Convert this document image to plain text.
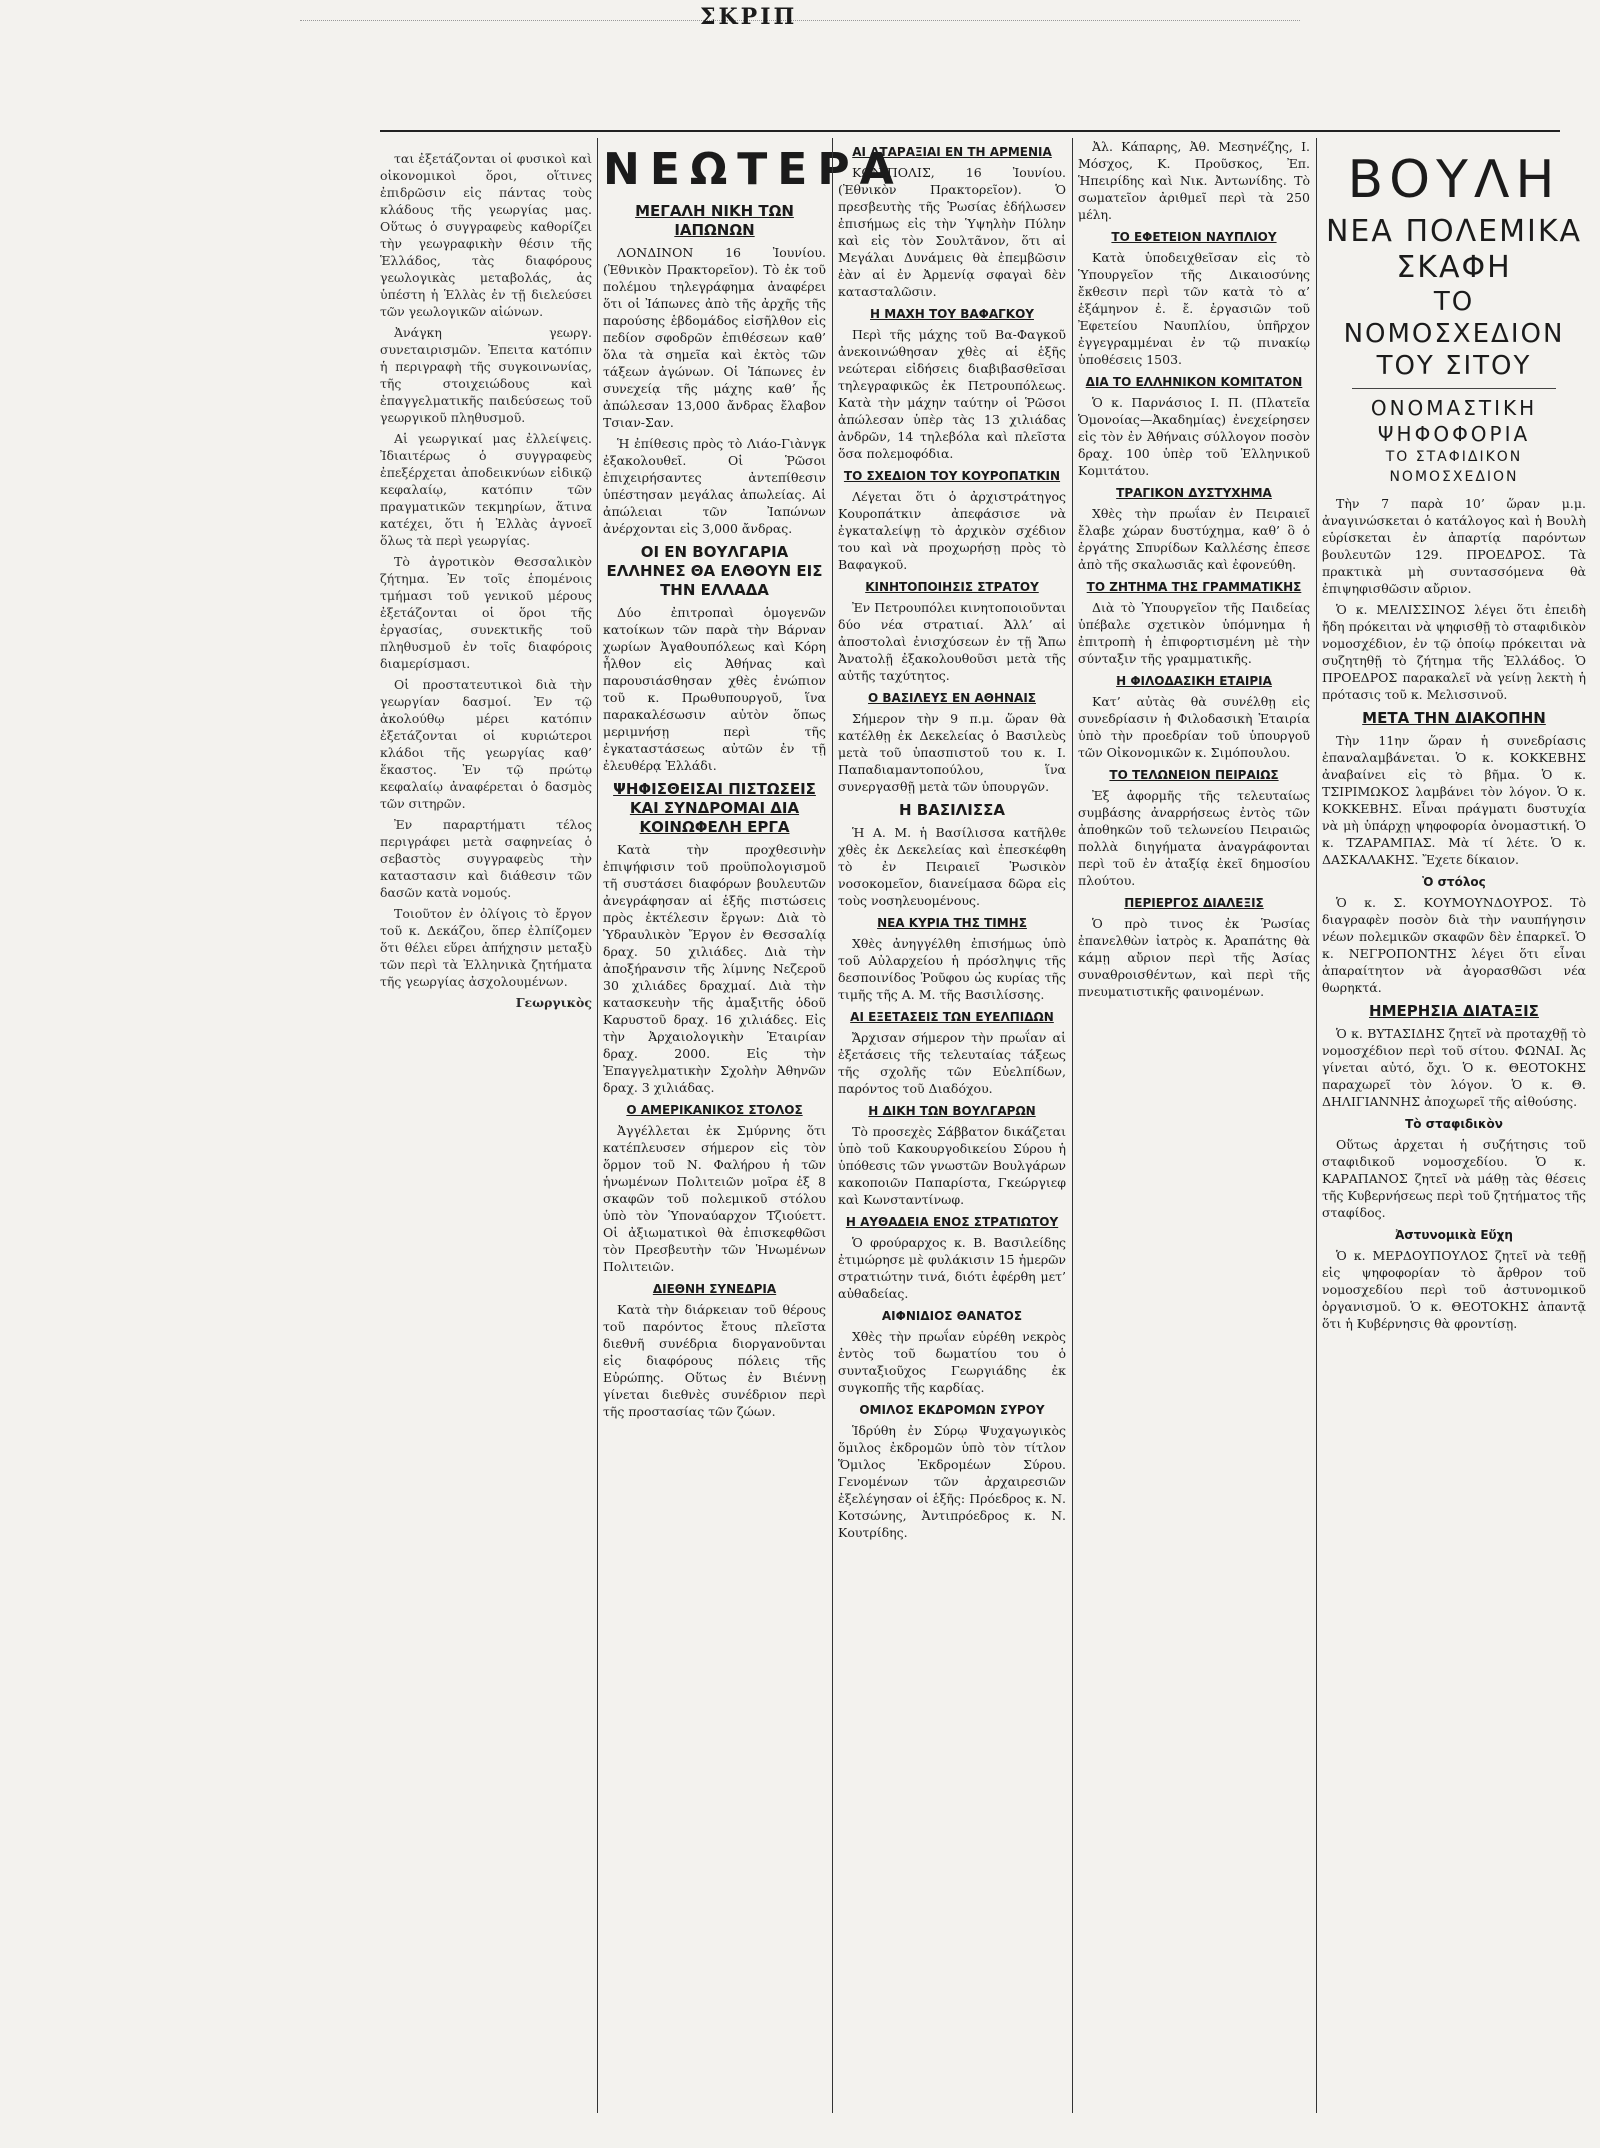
ΣΚΡΙΠ

ται ἐξετάζονται οἱ φυσικοὶ καὶ οἰκονομικοὶ ὅροι, οἵτινες ἐπιδρῶσιν εἰς πάντας τοὺς κλάδους τῆς γεωργίας μας. Οὕτως ὁ συγγραφεὺς καθορίζει τὴν γεωγραφικὴν θέσιν τῆς Ἑλλάδος, τὰς διαφόρους γεωλογικὰς μεταβολάς, ἀς ὑπέστη ἡ Ἑλλὰς ἐν τῇ διελεύσει τῶν γεωλογικῶν αἰώνων.

Ἀνάγκη γεωργ. συνεταιρισμῶν. Ἐπειτα κατόπιν ἡ περιγραφὴ τῆς συγκοινωνίας, τῆς στοιχειώδους καὶ ἐπαγγελματικῆς παιδεύσεως τοῦ γεωργικοῦ πληθυσμοῦ.

Αἱ γεωργικαί μας ἐλλείψεις. Ἰδιαιτέρως ὁ συγγραφεὺς ἐπεξέρχεται ἀποδεικνύων εἰδικῷ κεφαλαίῳ, κατόπιν τῶν πραγματικῶν τεκμηρίων, ἅτινα κατέχει, ὅτι ἡ Ἑλλὰς ἀγνοεῖ ὅλως τὰ περὶ γεωργίας.

Τὸ ἀγροτικὸν Θεσσαλικὸν ζήτημα. Ἐν τοῖς ἑπομένοις τμήμασι τοῦ γενικοῦ μέρους ἐξετάζονται οἱ ὅροι τῆς ἐργασίας, συνεκτικῆς τοῦ πληθυσμοῦ ἐν τοῖς διαφόροις διαμερίσμασι.

Οἱ προστατευτικοὶ διὰ τὴν γεωργίαν δασμοί. Ἐν τῷ ἀκολούθῳ μέρει κατόπιν ἐξετάζονται οἱ κυριώτεροι κλάδοι τῆς γεωργίας καθ’ ἕκαστος. Ἐν τῷ πρώτῳ κεφαλαίῳ ἀναφέρεται ὁ δασμὸς τῶν σιτηρῶν.

Ἐν παραρτήματι τέλος περιγράφει μετὰ σαφηνείας ὁ σεβαστὸς συγγραφεὺς τὴν καταστασιν καὶ διάθεσιν τῶν δασῶν κατὰ νομούς.

Τοιοῦτον ἐν ὀλίγοις τὸ ἔργον τοῦ κ. Δεκάζου, ὅπερ ἐλπίζομεν ὅτι θέλει εὕρει ἀπήχησιν μεταξὺ τῶν περὶ τὰ Ἑλληνικὰ ζητήματα τῆς γεωργίας ἀσχολουμένων.

Γεωργικὸς

ΝΕΩΤΕΡΑ
ΜΕΓΑΛΗ ΝΙΚΗ ΤΩΝ ΙΑΠΩΝΩΝ

ΛΟΝΔΙΝΟΝ 16 Ἰουνίου. (Ἐθνικὸν Πρακτορεῖον). Τὸ ἐκ τοῦ πολέμου τηλεγράφημα ἀναφέρει ὅτι οἱ Ἰάπωνες ἀπὸ τῆς ἀρχῆς τῆς παρούσης ἑβδομάδος εἰσῆλθον εἰς πεδίον σφοδρῶν ἐπιθέσεων καθ’ ὅλα τὰ σημεῖα καὶ ἐκτὸς τῶν τάξεων ἀγώνων. Οἱ Ἰάπωνες ἐν συνεχείᾳ τῆς μάχης καθ’ ἧς ἀπώλεσαν 13,000 ἄνδρας ἔλαβον Τσιαν-Σαν.

Ἡ ἐπίθεσις πρὸς τὸ Λιάο-Γιὰνγκ ἐξακολουθεῖ. Οἱ Ῥῶσοι ἐπιχειρήσαντες ἀντεπίθεσιν ὑπέστησαν μεγάλας ἀπωλείας. Αἱ ἀπώλειαι τῶν Ἰαπώνων ἀνέρχονται εἰς 3,000 ἄνδρας.

ΟΙ ΕΝ ΒΟΥΛΓΑΡΙΑ ΕΛΛΗΝΕΣ ΘΑ ΕΛΘΟΥΝ ΕΙΣ ΤΗΝ ΕΛΛΑΔΑ

Δύο ἐπιτροπαὶ ὁμογενῶν κατοίκων τῶν παρὰ τὴν Βάρναν χωρίων Ἀγαθουπόλεως καὶ Κόρη ἦλθον εἰς Ἀθήνας καὶ παρουσιάσθησαν χθὲς ἐνώπιον τοῦ κ. Πρωθυπουργοῦ, ἵνα παρακαλέσωσιν αὐτὸν ὅπως μεριμνήσῃ περὶ τῆς ἐγκαταστάσεως αὐτῶν ἐν τῇ ἐλευθέρᾳ Ἑλλάδι.

ΨΗΦΙΣΘΕΙΣΑΙ ΠΙΣΤΩΣΕΙΣ ΚΑΙ ΣΥΝΔΡΟΜΑΙ ΔΙΑ ΚΟΙΝΩΦΕΛΗ ΕΡΓΑ

Κατὰ τὴν προχθεσινὴν ἐπιψήφισιν τοῦ προϋπολογισμοῦ τῆ συστάσει διαφόρων βουλευτῶν ἀνεγράφησαν αἱ ἑξῆς πιστώσεις πρὸς ἐκτέλεσιν ἔργων: Διὰ τὸ Ὑδραυλικὸν Ἔργον ἐν Θεσσαλίᾳ δραχ. 50 χιλιάδες. Διὰ τὴν ἀποξήρανσιν τῆς λίμνης Νεζεροῦ 30 χιλιάδες δραχμαί. Διὰ τὴν κατασκευὴν τῆς ἀμαξιτῆς ὁδοῦ Καρυστοῦ δραχ. 16 χιλιάδες. Εἰς τὴν Ἀρχαιολογικὴν Ἑταιρίαν δραχ. 2000. Εἰς τὴν Ἐπαγγελματικὴν Σχολὴν Ἀθηνῶν δραχ. 3 χιλιάδας.

Ο ΑΜΕΡΙΚΑΝΙΚΟΣ ΣΤΟΛΟΣ

Ἀγγέλλεται ἐκ Σμύρνης ὅτι κατέπλευσεν σήμερον εἰς τὸν ὅρμον τοῦ Ν. Φαλήρου ἡ τῶν ἡνωμένων Πολιτειῶν μοῖρα ἐξ 8 σκαφῶν τοῦ πολεμικοῦ στόλου ὑπὸ τὸν Ὑποναύαρχον Τζιούεττ. Οἱ ἀξιωματικοὶ θὰ ἐπισκεφθῶσι τὸν Πρεσβευτὴν τῶν Ἡνωμένων Πολιτειῶν.

ΔΙΕΘΝΗ ΣΥΝΕΔΡΙΑ

Κατὰ τὴν διάρκειαν τοῦ θέρους τοῦ παρόντος ἔτους πλεῖστα διεθνῆ συνέδρια διοργανοῦνται εἰς διαφόρους πόλεις τῆς Εὐρώπης. Οὕτως ἐν Βιέννῃ γίνεται διεθνὲς συνέδριον περὶ τῆς προστασίας τῶν ζώων.

ΑΙ ΑΤΑΡΑΞΙΑΙ ΕΝ ΤΗ ΑΡΜΕΝΙΑ

ΚΩΝ/ΠΟΛΙΣ, 16 Ἰουνίου. (Ἐθνικὸν Πρακτορεῖον). Ὁ πρεσβευτὴς τῆς Ῥωσίας ἐδήλωσεν ἐπισήμως εἰς τὴν Ὑψηλὴν Πύλην καὶ εἰς τὸν Σουλτᾶνον, ὅτι αἱ Μεγάλαι Δυνάμεις θὰ ἐπεμβῶσιν ἐὰν αἱ ἐν Ἀρμενίᾳ σφαγαὶ δὲν κατασταλῶσιν.

Η ΜΑΧΗ ΤΟΥ ΒΑΦΑΓΚΟΥ

Περὶ τῆς μάχης τοῦ Βα-Φαγκοῦ ἀνεκοινώθησαν χθὲς αἱ ἑξῆς νεώτεραι εἰδήσεις διαβιβασθεῖσαι τηλεγραφικῶς ἐκ Πετρουπόλεως. Κατὰ τὴν μάχην ταύτην οἱ Ῥῶσοι ἀπώλεσαν ὑπὲρ τὰς 13 χιλιάδας ἀνδρῶν, 14 τηλεβόλα καὶ πλεῖστα ὅσα πολεμοφόδια.

ΤΟ ΣΧΕΔΙΟΝ ΤΟΥ ΚΟΥΡΟΠΑΤΚΙΝ

Λέγεται ὅτι ὁ ἀρχιστράτηγος Κουροπάτκιν ἀπεφάσισε νὰ ἐγκαταλείψῃ τὸ ἀρχικὸν σχέδιον του καὶ νὰ προχωρήσῃ πρὸς τὸ Βαφαγκοῦ.

ΚΙΝΗΤΟΠΟΙΗΣΙΣ ΣΤΡΑΤΟΥ

Ἐν Πετρουπόλει κινητοποιοῦνται δύο νέα στρατιαί. Ἀλλ’ αἱ ἀποστολαὶ ἐνισχύσεων ἐν τῇ Ἄπω Ἀνατολῇ ἐξακολουθοῦσι μετὰ τῆς αὐτῆς ταχύτητος.

Ο ΒΑΣΙΛΕΥΣ ΕΝ ΑΘΗΝΑΙΣ

Σήμερον τὴν 9 π.μ. ὥραν θὰ κατέλθῃ ἐκ Δεκελείας ὁ Βασιλεὺς μετὰ τοῦ ὑπασπιστοῦ του κ. Ι. Παπαδιαμαντοπούλου, ἵνα συνεργασθῇ μετὰ τῶν ὑπουργῶν.

Η ΒΑΣΙΛΙΣΣΑ

Ἡ Α. Μ. ἡ Βασίλισσα κατῆλθε χθὲς ἐκ Δεκελείας καὶ ἐπεσκέφθη τὸ ἐν Πειραιεῖ Ῥωσικὸν νοσοκομεῖον, διανείμασα δῶρα εἰς τοὺς νοσηλευομένους.

ΝΕΑ ΚΥΡΙΑ ΤΗΣ ΤΙΜΗΣ

Χθὲς ἀνηγγέλθη ἐπισήμως ὑπὸ τοῦ Αὐλαρχείου ἡ πρόσληψις τῆς δεσποινίδος Ῥοῦφου ὡς κυρίας τῆς τιμῆς τῆς Α. Μ. τῆς Βασιλίσσης.

ΑΙ ΕΞΕΤΑΣΕΙΣ ΤΩΝ ΕΥΕΛΠΙΔΩΝ

Ἄρχισαν σήμερον τὴν πρωΐαν αἱ ἐξετάσεις τῆς τελευταίας τάξεως τῆς σχολῆς τῶν Εὐελπίδων, παρόντος τοῦ Διαδόχου.

Η ΔΙΚΗ ΤΩΝ ΒΟΥΛΓΑΡΩΝ

Τὸ προσεχὲς Σάββατον δικάζεται ὑπὸ τοῦ Κακουργοδικείου Σύρου ἡ ὑπόθεσις τῶν γνωστῶν Βουλγάρων κακοποιῶν Παπαρίστα, Γκεώργιεφ καὶ Κωνσταντίνωφ.

Η ΑΥΘΑΔΕΙΑ ΕΝΟΣ ΣΤΡΑΤΙΩΤΟΥ

Ὁ φρούραρχος κ. Β. Βασιλείδης ἐτιμώρησε μὲ φυλάκισιν 15 ἡμερῶν στρατιώτην τινά, διότι ἐφέρθη μετ’ αὐθαδείας.

ΑΙΦΝΙΔΙΟΣ ΘΑΝΑΤΟΣ

Χθὲς τὴν πρωΐαν εὑρέθη νεκρὸς ἐντὸς τοῦ δωματίου του ὁ συνταξιοῦχος Γεωργιάδης ἐκ συγκοπῆς τῆς καρδίας.

ΟΜΙΛΟΣ ΕΚΔΡΟΜΩΝ ΣΥΡΟΥ

Ἱδρύθη ἐν Σύρῳ Ψυχαγωγικὸς ὅμιλος ἐκδρομῶν ὑπὸ τὸν τίτλον Ὅμιλος Ἐκδρομέων Σύρου. Γενομένων τῶν ἀρχαιρεσιῶν ἐξελέγησαν οἱ ἑξῆς: Πρόεδρος κ. Ν. Κοτσώνης, Ἀντιπρόεδρος κ. Ν. Κουτρίδης.

Ἀλ. Κάπαρης, Ἀθ. Μεσηνέζης, Ι. Μόσχος, Κ. Προῦσκος, Ἐπ. Ἡπειρίδης καὶ Νικ. Ἀντωνίδης. Τὸ σωματεῖον ἀριθμεῖ περὶ τὰ 250 μέλη.

ΤΟ ΕΦΕΤΕΙΟΝ ΝΑΥΠΛΙΟΥ

Κατὰ ὑποδειχθεῖσαν εἰς τὸ Ὑπουργεῖον τῆς Δικαιοσύνης ἔκθεσιν περὶ τῶν κατὰ τὸ α’ ἑξάμηνον ἐ. ἔ. ἐργασιῶν τοῦ Ἐφετείου Ναυπλίου, ὑπῆρχον ἐγγεγραμμέναι ἐν τῷ πινακίῳ ὑποθέσεις 1503.

ΔΙΑ ΤΟ ΕΛΛΗΝΙΚΟΝ ΚΟΜΙΤΑΤΟΝ

Ὁ κ. Παρνάσιος Ι. Π. (Πλατεῖα Ὁμονοίας—Ἀκαδημίας) ἐνεχείρησεν εἰς τὸν ἐν Ἀθήναις σύλλογον ποσὸν δραχ. 100 ὑπὲρ τοῦ Ἑλληνικοῦ Κομιτάτου.

ΤΡΑΓΙΚΟΝ ΔΥΣΤΥΧΗΜΑ

Χθὲς τὴν πρωΐαν ἐν Πειραιεῖ ἔλαβε χώραν δυστύχημα, καθ’ ὃ ὁ ἐργάτης Σπυρίδων Καλλέσης ἐπεσε ἀπὸ τῆς σκαλωσιᾶς καὶ ἐφονεύθη.

ΤΟ ΖΗΤΗΜΑ ΤΗΣ ΓΡΑΜΜΑΤΙΚΗΣ

Διὰ τὸ Ὑπουργεῖον τῆς Παιδείας ὑπέβαλε σχετικὸν ὑπόμνημα ἡ ἐπιτροπὴ ἡ ἐπιφορτισμένη μὲ τὴν σύνταξιν τῆς γραμματικῆς.

Η ΦΙΛΟΔΑΣΙΚΗ ΕΤΑΙΡΙΑ

Κατ’ αὐτὰς θὰ συνέλθῃ εἰς συνεδρίασιν ἡ Φιλοδασικὴ Ἑταιρία ὑπὸ τὴν προεδρίαν τοῦ ὑπουργοῦ τῶν Οἰκονομικῶν κ. Σιμόπουλου.

ΤΟ ΤΕΛΩΝΕΙΟΝ ΠΕΙΡΑΙΩΣ

Ἐξ ἀφορμῆς τῆς τελευταίως συμβάσης ἀναρρήσεως ἐντὸς τῶν ἀποθηκῶν τοῦ τελωνείου Πειραιῶς πολλὰ διηγήματα ἀναγράφονται περὶ τοῦ ἐν ἀταξίᾳ ἐκεῖ δημοσίου πλούτου.

ΠΕΡΙΕΡΓΟΣ ΔΙΑΛΕΞΙΣ

Ὁ πρὸ τινος ἐκ Ῥωσίας ἐπανελθὼν ἰατρὸς κ. Ἀραπάτης θὰ κάμῃ αὔριον περὶ τῆς Ἀσίας συναθροισθέντων, καὶ περὶ τῆς πνευματιστικῆς φαινομένων.

ΒΟΥΛΗ
ΝΕΑ ΠΟΛΕΜΙΚΑ ΣΚΑΦΗ
ΤΟ ΝΟΜΟΣΧΕΔΙΟΝ ΤΟΥ ΣΙΤΟΥ
ΟΝΟΜΑΣΤΙΚΗ ΨΗΦΟΦΟΡΙΑ
ΤΟ ΣΤΑΦΙΔΙΚΟΝ ΝΟΜΟΣΧΕΔΙΟΝ

Τὴν 7 παρὰ 10’ ὥραν μ.μ. ἀναγινώσκεται ὁ κατάλογος καὶ ἡ Βουλὴ εὑρίσκεται ἐν ἀπαρτίᾳ παρόντων βουλευτῶν 129. ΠΡΟΕΔΡΟΣ. Τὰ πρακτικὰ μὴ συντασσόμενα θὰ ἐπιψηφισθῶσιν αὔριον.

Ὁ κ. ΜΕΛΙΣΣΙΝΟΣ λέγει ὅτι ἐπειδὴ ἤδη πρόκειται νὰ ψηφισθῇ τὸ σταφιδικὸν νομοσχέδιον, ἐν τῷ ὁποίῳ πρόκειται νὰ συζητηθῇ τὸ ζήτημα τῆς Ἑλλάδος. Ὁ ΠΡΟΕΔΡΟΣ παρακαλεῖ νὰ γείνῃ λεκτὴ ἡ πρότασις τοῦ κ. Μελισσινοῦ.

ΜΕΤΑ ΤΗΝ ΔΙΑΚΟΠΗΝ

Τὴν 11ην ὥραν ἡ συνεδρίασις ἐπαναλαμβάνεται. Ὁ κ. ΚΟΚΚΕΒΗΣ ἀναβαίνει εἰς τὸ βῆμα. Ὁ κ. ΤΣΙΡΙΜΩΚΟΣ λαμβάνει τὸν λόγον. Ὁ κ. ΚΟΚΚΕΒΗΣ. Εἶναι πράγματι δυστυχία νὰ μὴ ὑπάρχῃ ψηφοφορία ὀνομαστική. Ὁ κ. ΤΖΑΡΑΜΠΑΣ. Μὰ τί λέτε. Ὁ κ. ΔΑΣΚΑΛΑΚΗΣ. Ἔχετε δίκαιον.

Ὁ στόλος

Ὁ κ. Σ. ΚΟΥΜΟΥΝΔΟΥΡΟΣ. Τὸ διαγραφὲν ποσὸν διὰ τὴν ναυπήγησιν νέων πολεμικῶν σκαφῶν δὲν ἐπαρκεῖ. Ὁ κ. ΝΕΓΡΟΠΟΝΤΗΣ λέγει ὅτι εἶναι ἀπαραίτητον νὰ ἀγορασθῶσι νέα θωρηκτά.

ΗΜΕΡΗΣΙΑ ΔΙΑΤΑΞΙΣ

Ὁ κ. ΒΥΤΑΣΙΔΗΣ ζητεῖ νὰ προταχθῇ τὸ νομοσχέδιον περὶ τοῦ σίτου. ΦΩΝΑΙ. Ἀς γίνεται αὐτό, ὄχι. Ὁ κ. ΘΕΟΤΟΚΗΣ παραχωρεῖ τὸν λόγον. Ὁ κ. Θ. ΔΗΛΙΓΙΑΝΝΗΣ ἀποχωρεῖ τῆς αἰθούσης.

Τὸ σταφιδικὸν

Οὕτως ἀρχεται ἡ συζήτησις τοῦ σταφιδικοῦ νομοσχεδίου. Ὁ κ. ΚΑΡΑΠΑΝΟΣ ζητεῖ νὰ μάθῃ τὰς θέσεις τῆς Κυβερνήσεως περὶ τοῦ ζητήματος τῆς σταφίδος.

Ἀστυνομικὰ Εὔχη

Ὁ κ. ΜΕΡΔΟΥΠΟΥΛΟΣ ζητεῖ νὰ τεθῇ εἰς ψηφοφορίαν τὸ ἄρθρον τοῦ νομοσχεδίου περὶ τοῦ ἀστυνομικοῦ ὀργανισμοῦ. Ὁ κ. ΘΕΟΤΟΚΗΣ ἀπαντᾷ ὅτι ἡ Κυβέρνησις θὰ φροντίσῃ.
